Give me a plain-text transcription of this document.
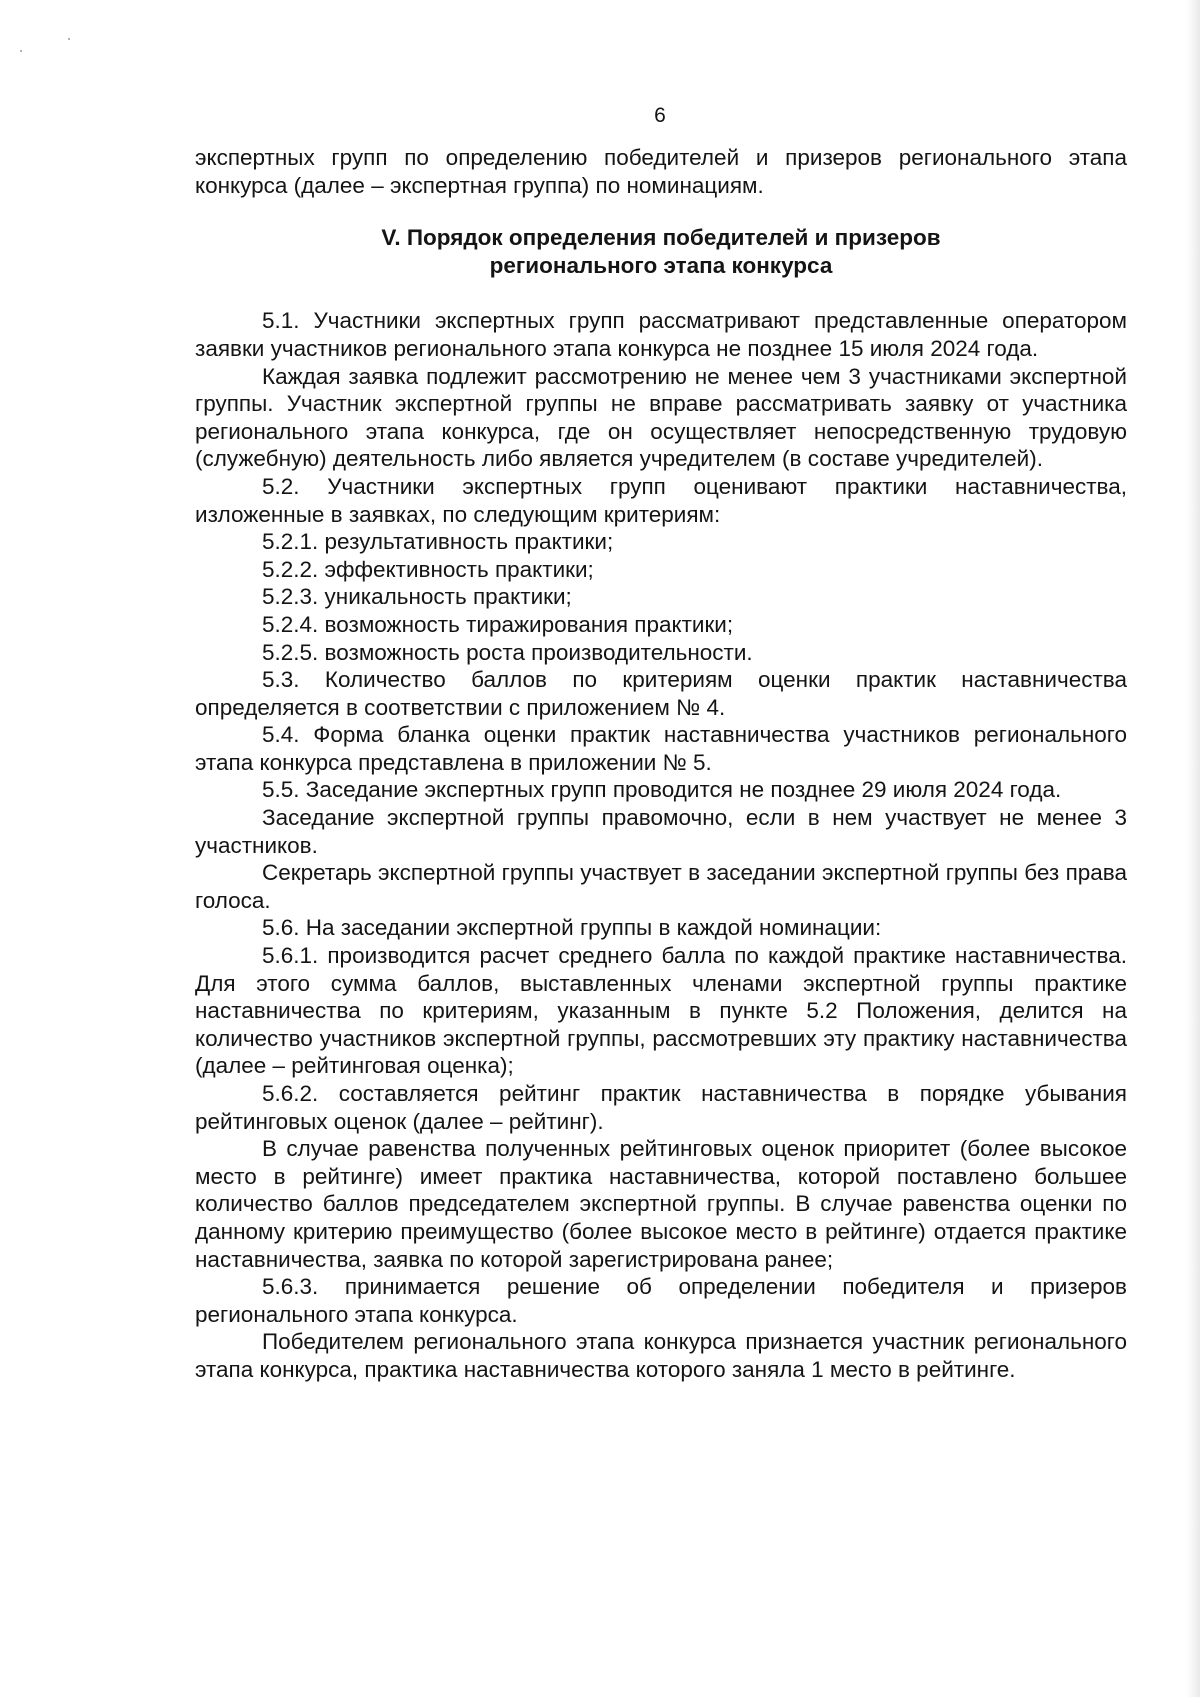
6

экспертных групп по определению победителей и призеров регионального этапа конкурса (далее – экспертная группа) по номинациям.

V. Порядок определения победителей и призеров
регионального этапа конкурса

5.1. Участники экспертных групп рассматривают представленные оператором заявки участников регионального этапа конкурса не позднее 15 июля 2024 года.

Каждая заявка подлежит рассмотрению не менее чем 3 участниками экспертной группы. Участник экспертной группы не вправе рассматривать заявку от участника регионального этапа конкурса, где он осуществляет непосредственную трудовую (служебную) деятельность либо является учредителем (в составе учредителей).

5.2. Участники экспертных групп оценивают практики наставничества, изложенные в заявках, по следующим критериям:

5.2.1. результативность практики;

5.2.2. эффективность практики;

5.2.3. уникальность практики;

5.2.4. возможность тиражирования практики;

5.2.5. возможность роста производительности.

5.3. Количество баллов по критериям оценки практик наставничества определяется в соответствии с приложением № 4.

5.4. Форма бланка оценки практик наставничества участников регионального этапа конкурса представлена в приложении № 5.

5.5. Заседание экспертных групп проводится не позднее 29 июля 2024 года.

Заседание экспертной группы правомочно, если в нем участвует не менее 3 участников.

Секретарь экспертной группы участвует в заседании экспертной группы без права голоса.

5.6. На заседании экспертной группы в каждой номинации:

5.6.1. производится расчет среднего балла по каждой практике наставничества. Для этого сумма баллов, выставленных членами экспертной группы практике наставничества по критериям, указанным в пункте 5.2 Положения, делится на количество участников экспертной группы, рассмотревших эту практику наставничества (далее – рейтинговая оценка);

5.6.2. составляется рейтинг практик наставничества в порядке убывания рейтинговых оценок (далее – рейтинг).

В случае равенства полученных рейтинговых оценок приоритет (более высокое место в рейтинге) имеет практика наставничества, которой поставлено большее количество баллов председателем экспертной группы. В случае равенства оценки по данному критерию преимущество (более высокое место в рейтинге) отдается практике наставничества, заявка по которой зарегистрирована ранее;

5.6.3. принимается решение об определении победителя и призеров регионального этапа конкурса.

Победителем регионального этапа конкурса признается участник регионального этапа конкурса, практика наставничества которого заняла 1 место в рейтинге.
